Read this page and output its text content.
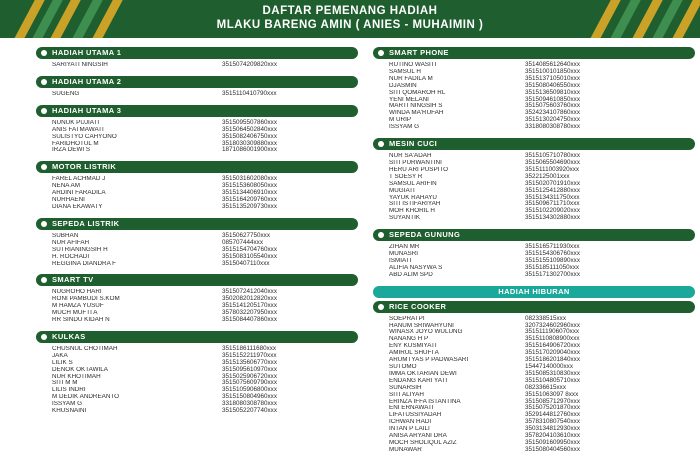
DAFTAR PEMENANG HADIAH
MLAKU BARENG AMIN ( ANIES - MUHAIMIN )
HADIAH UTAMA 1
SARIYATI NINGSIH	3515074209820xxx
HADIAH UTAMA 2
SUGENG	3515110410790xxx
HADIAH UTAMA 3
NUNUK PUJIATI	3515095507860xxx
ANIS FATMAWATI	3515064502840xxx
SULISTYO CAHYONO	3515082406750xxx
FARIDHOTUL M	3518030309880xxx
IRZA DEWI S	1871086001900xxx
MOTOR LISTRIK
FAREL ACHMAD J	3515031602080xxx
NENA AM	3515153608050xxx
ARDINI FARADILA	3515134406910xxx
NURHAENI	3515164209760xxx
DIANA EKAWATY	3515135209730xxx
SEPEDA LISTRIK
SUBHAN	35150627750xxx
NUR AFIFAH	085707444xxx
SUTRIANINGSIH H	3515154704760xxx
H. ROCHADI	3515083105540xxx
REGGINA DIANDRA F	35150407110xxx
SMART TV
NUGROHO HARI	3515072412040xxx
RONI PAMBUDI S.KOM	3502082012820xxx
M HAMZA YUSUF	3515141205170xxx
MUCH MUFTI A	3578032207950xxx
RR SINDU KIDAH N	3515084407860xxx
KULKAS
CHUSNUL CHOTIMAH	3515186111680xxx
JAKA	3515152211970xxx
LILIK S	3515135606770xxx
DENOK OKTAWILA	3515095610970xxx
NUR KHOTIMAH	3515025906720xxx
SITI M M	3515075609790xxx
LILIS INDRI	3515105906800xxx
M DEDIK ANDREANTO	3515150804960xxx
ISSYAM G	3318080308780xxx
KHUSNAINI	3515052207740xxx
SMART PHONE
RUTINO WASITI	3514085612640xxx
SAMSUL H	3515100101850xxx
NUR FADILA M	3515137105010xxx
DJASMIN	3515080406550xxx
SITI QOMAROH RL	3515136509810xxx
YENI MELANI	3515094610850xxx
MARTI NINGSIH S	3515075603760xxx
WINDA MA'RUFAH	3524234107860xxx
M URIP	3515130204750xxx
ISSYAM G	3318080308780xxx
MESIN CUCI
NUR SA'ADAH	3515105710780xxx
SITI PURWANTINI	3515065504690xxx
HERU ARI PUSPITO	3515111003920xxx
T SOESY R	3522125001xxx
SAMSUL ARIFIN	3515020701910xxx
MUGIATI	3515125412880xxx
YAYUK RAHAYU	3515134311750xxx
SITI ISTIFARIYAH	3515096711710xxx
MOH KHORIL H	3515102209020xxx
SUYANTIK	3515134302880xxx
SEPEDA GUNUNG
ZIHAN MR	3515165711930xxx
MUNASRI	3515154306760xxx
ISMIATI	3515155109890xxx
ALIFIA NASYWA S	3515185111050xxx
ABD ALIM SPD	3515171302700xxx
HADIAH HIBURAN
RICE COOKER
SOEPRATPI	082338515xxx
HANUM SRIWAHYUNI	3207324602960xxx
WINASX JOYO WULUNG	3515111906070xxx
NANANG H P	3515110808900xxx
ENY KUSMIYATI	3515164906720xxx
AMIRUL SHUFI A	3515170209040xxx
ARUMTYAS P PADWASARI	3515186201840xxx
SUTOMO	15447140000xxx
IMMA OKTARIAN DEWI	3515085310830xxx
ENDANG KARI YATI	3515104805710xxx
SUNARSIH	082336615xxx
SITI ALIYAH	35151063097 8xxx
ERINZA IFFA ISTANTINA	3515085712970xxx
ENI ERNAWATI	3515075201870xxx
LIFATUSSIYADAH	3529144812760xxx
ICHWAN HADI	3578310807540xxx
INTAN P LAILI	3503134812930xxx
ANISA ARYANI DRA	3578204103610xxx
MOCH SHOLIQUL AZIZ	3515091609950xxx
MUNAWAR	3515080404560xxx
